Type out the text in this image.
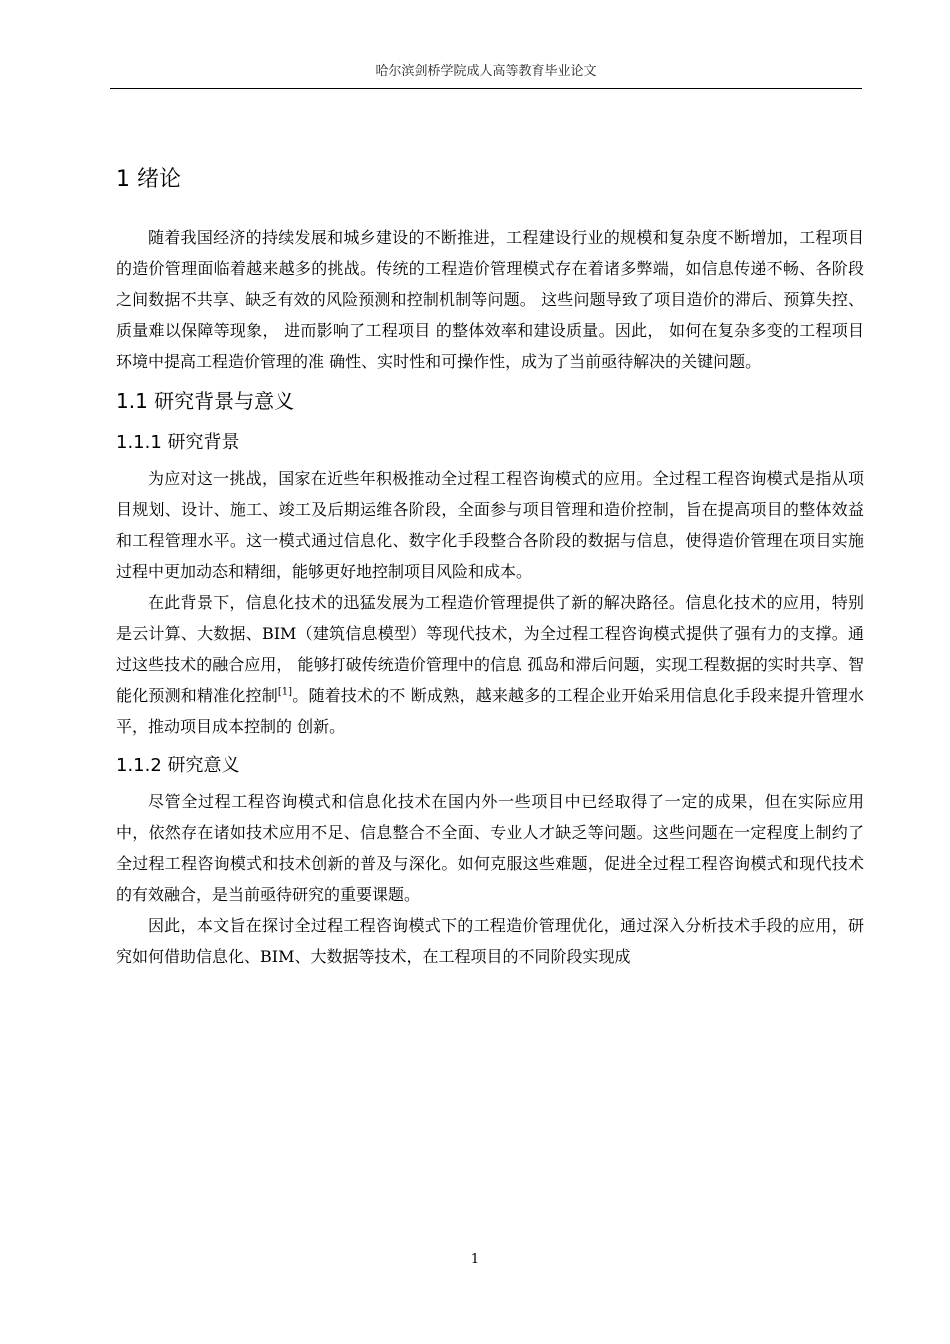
哈尔滨剑桥学院成人高等教育毕业论文
1 绪论

随着我国经济的持续发展和城乡建设的不断推进，工程建设行业的规模和复杂度不断增加，工程项目的造价管理面临着越来越多的挑战。传统的工程造价管理模式存在着诸多弊端，如信息传递不畅、各阶段之间数据不共享、缺乏有效的风险预测和控制机制等问题。 这些问题导致了项目造价的滞后、预算失控、质量难以保障等现象， 进而影响了工程项目 的整体效率和建设质量。因此， 如何在复杂多变的工程项目环境中提高工程造价管理的准 确性、实时性和可操作性，成为了当前亟待解决的关键问题。

1.1 研究背景与意义
1.1.1 研究背景

为应对这一挑战，国家在近些年积极推动全过程工程咨询模式的应用。全过程工程咨询模式是指从项目规划、设计、施工、竣工及后期运维各阶段，全面参与项目管理和造价控制，旨在提高项目的整体效益和工程管理水平。这一模式通过信息化、数字化手段整合各阶段的数据与信息，使得造价管理在项目实施过程中更加动态和精细，能够更好地控制项目风险和成本。

在此背景下，信息化技术的迅猛发展为工程造价管理提供了新的解决路径。信息化技术的应用，特别是云计算、大数据、BIM（建筑信息模型）等现代技术，为全过程工程咨询模式提供了强有力的支撑。通过这些技术的融合应用， 能够打破传统造价管理中的信息 孤岛和滞后问题，实现工程数据的实时共享、智能化预测和精准化控制[1]。随着技术的不 断成熟，越来越多的工程企业开始采用信息化手段来提升管理水平，推动项目成本控制的 创新。

1.1.2 研究意义

尽管全过程工程咨询模式和信息化技术在国内外一些项目中已经取得了一定的成果，但在实际应用中，依然存在诸如技术应用不足、信息整合不全面、专业人才缺乏等问题。这些问题在一定程度上制约了全过程工程咨询模式和技术创新的普及与深化。如何克服这些难题，促进全过程工程咨询模式和现代技术的有效融合，是当前亟待研究的重要课题。

因此，本文旨在探讨全过程工程咨询模式下的工程造价管理优化，通过深入分析技术手段的应用，研究如何借助信息化、BIM、大数据等技术，在工程项目的不同阶段实现成

1
